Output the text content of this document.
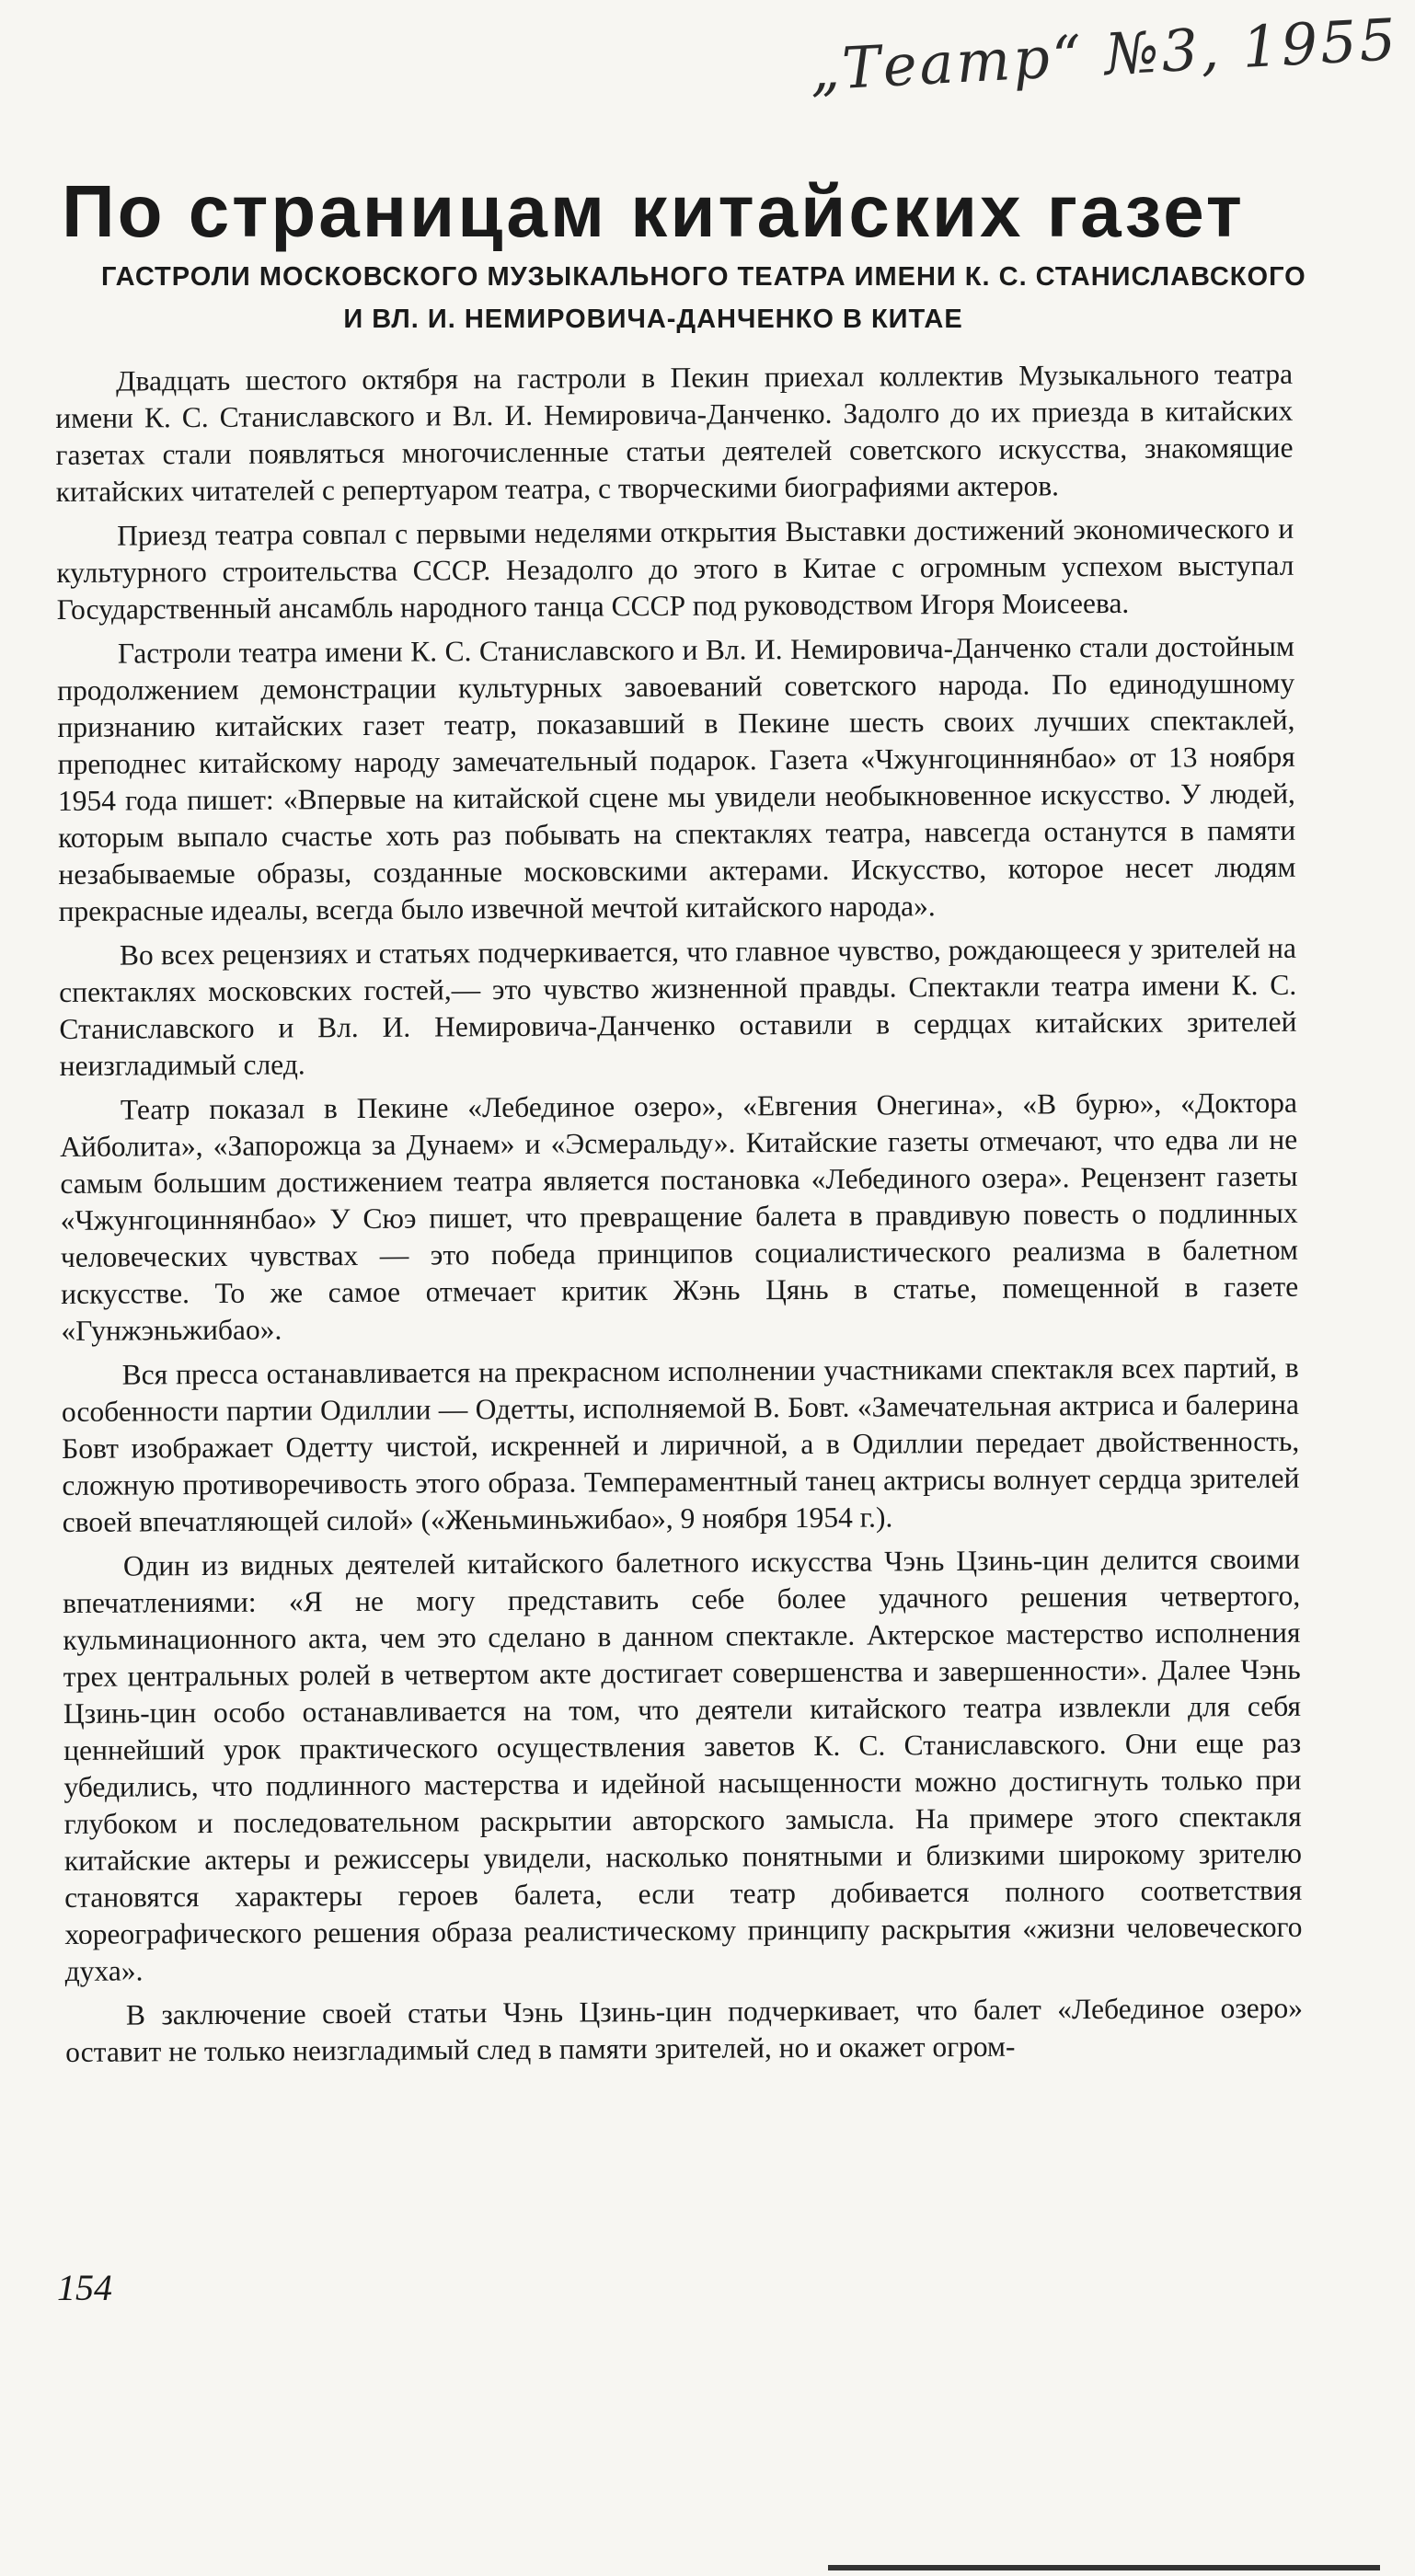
„Театр“ №3, 1955
По страницам китайских газет
ГАСТРОЛИ МОСКОВСКОГО МУЗЫКАЛЬНОГО ТЕАТРА ИМЕНИ К. С. СТАНИСЛАВСКОГО
И ВЛ. И. НЕМИРОВИЧА-ДАНЧЕНКО В КИТАЕ

Двадцать шестого октября на гастроли в Пекин приехал коллектив Музыкального театра имени К. С. Станиславского и Вл. И. Немировича-Данченко. Задолго до их приезда в китайских газетах стали появляться многочисленные статьи деятелей советского искусства, знакомящие китайских читателей с репертуаром театра, с творческими биографиями актеров.

Приезд театра совпал с первыми неделями открытия Выставки достижений экономического и культурного строительства СССР. Незадолго до этого в Китае с огромным успехом выступал Государственный ансамбль народного танца СССР под руководством Игоря Моисеева.

Гастроли театра имени К. С. Станиславского и Вл. И. Немировича-Данченко стали достойным продолжением демонстрации культурных завоеваний советского народа. По единодушному признанию китайских газет театр, показавший в Пекине шесть своих лучших спектаклей, преподнес китайскому народу замечательный подарок. Газета «Чжунгоциннянбао» от 13 ноября 1954 года пишет: «Впервые на китайской сцене мы увидели необыкновенное искусство. У людей, которым выпало счастье хоть раз побывать на спектаклях театра, навсегда останутся в памяти незабываемые образы, созданные московскими актерами. Искусство, которое несет людям прекрасные идеалы, всегда было извечной мечтой китайского народа».

Во всех рецензиях и статьях подчеркивается, что главное чувство, рождающееся у зрителей на спектаклях московских гостей,— это чувство жизненной правды. Спектакли театра имени К. С. Станиславского и Вл. И. Немировича-Данченко оставили в сердцах китайских зрителей неизгладимый след.

Театр показал в Пекине «Лебединое озеро», «Евгения Онегина», «В бурю», «Доктора Айболита», «Запорожца за Дунаем» и «Эсмеральду». Китайские газеты отмечают, что едва ли не самым большим достижением театра является постановка «Лебединого озера». Рецензент газеты «Чжунгоциннянбао» У Сюэ пишет, что превращение балета в правдивую повесть о подлинных человеческих чувствах — это победа принципов социалистического реализма в балетном искусстве. То же самое отмечает критик Жэнь Цянь в статье, помещенной в газете «Гунжэньжибао».

Вся пресса останавливается на прекрасном исполнении участниками спектакля всех партий, в особенности партии Одиллии — Одетты, исполняемой В. Бовт. «Замечательная актриса и балерина Бовт изображает Одетту чистой, искренней и лиричной, а в Одиллии передает двойственность, сложную противоречивость этого образа. Темпераментный танец актрисы волнует сердца зрителей своей впечатляющей силой» («Женьминьжибао», 9 ноября 1954 г.).

Один из видных деятелей китайского балетного искусства Чэнь Цзинь-цин делится своими впечатлениями: «Я не могу представить себе более удачного решения четвертого, кульминационного акта, чем это сделано в данном спектакле. Актерское мастерство исполнения трех центральных ролей в четвертом акте достигает совершенства и завершенности». Далее Чэнь Цзинь-цин особо останавливается на том, что деятели китайского театра извлекли для себя ценнейший урок практического осуществления заветов К. С. Станиславского. Они еще раз убедились, что подлинного мастерства и идейной насыщенности можно достигнуть только при глубоком и последовательном раскрытии авторского замысла. На примере этого спектакля китайские актеры и режиссеры увидели, насколько понятными и близкими широкому зрителю становятся характеры героев балета, если театр добивается полного соответствия хореографического решения образа реалистическому принципу раскрытия «жизни человеческого духа».

В заключение своей статьи Чэнь Цзинь-цин подчеркивает, что балет «Лебединое озеро» оставит не только неизгладимый след в памяти зрителей, но и окажет огром-

154
